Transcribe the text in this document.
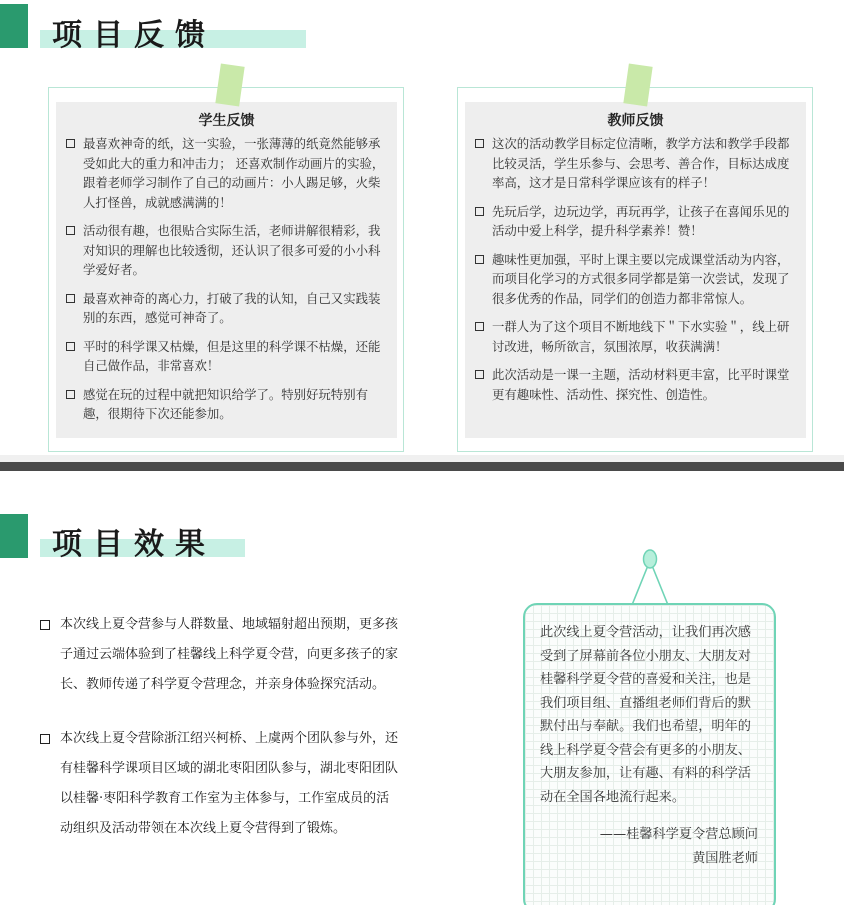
项目反馈
学生反馈
最喜欢神奇的纸，这一实验，一张薄薄的纸竟然能够承受如此大的重力和冲击力； 还喜欢制作动画片的实验，跟着老师学习制作了自己的动画片：小人踢足够，火柴人打怪兽，成就感满满的！
活动很有趣，也很贴合实际生活，老师讲解很精彩，我对知识的理解也比较透彻，还认识了很多可爱的小小科学爱好者。
最喜欢神奇的离心力，打破了我的认知，自己又实践装别的东西，感觉可神奇了。
平时的科学课又枯燥，但是这里的科学课不枯燥，还能自己做作品，非常喜欢！
感觉在玩的过程中就把知识给学了。特别好玩特别有趣，很期待下次还能参加。
教师反馈
这次的活动教学目标定位清晰，教学方法和教学手段都比较灵活，学生乐参与、会思考、善合作，目标达成度率高，这才是日常科学课应该有的样子！
先玩后学，边玩边学，再玩再学，让孩子在喜闻乐见的活动中爱上科学，提升科学素养！赞！
趣味性更加强，平时上课主要以完成课堂活动为内容，而项目化学习的方式很多同学都是第一次尝试，发现了很多优秀的作品，同学们的创造力都非常惊人。
一群人为了这个项目不断地线下＂下水实验＂，线上研讨改进，畅所欲言，氛围浓厚，收获满满！
此次活动是一课一主题，活动材料更丰富，比平时课堂更有趣味性、活动性、探究性、创造性。
项目效果
本次线上夏令营参与人群数量、地域辐射超出预期，更多孩子通过云端体验到了桂馨线上科学夏令营，向更多孩子的家长、教师传递了科学夏令营理念，并亲身体验探究活动。
本次线上夏令营除浙江绍兴柯桥、上虞两个团队参与外，还有桂馨科学课项目区域的湖北枣阳团队参与，湖北枣阳团队以桂馨·枣阳科学教育工作室为主体参与，工作室成员的活动组织及活动带领在本次线上夏令营得到了锻炼。
此次线上夏令营活动，让我们再次感受到了屏幕前各位小朋友、大朋友对桂馨科学夏令营的喜爱和关注，也是我们项目组、直播组老师们背后的默默付出与奉献。我们也希望，明年的线上科学夏令营会有更多的小朋友、大朋友参加，让有趣、有料的科学活动在全国各地流行起来。
——桂馨科学夏令营总顾问
黄国胜老师
